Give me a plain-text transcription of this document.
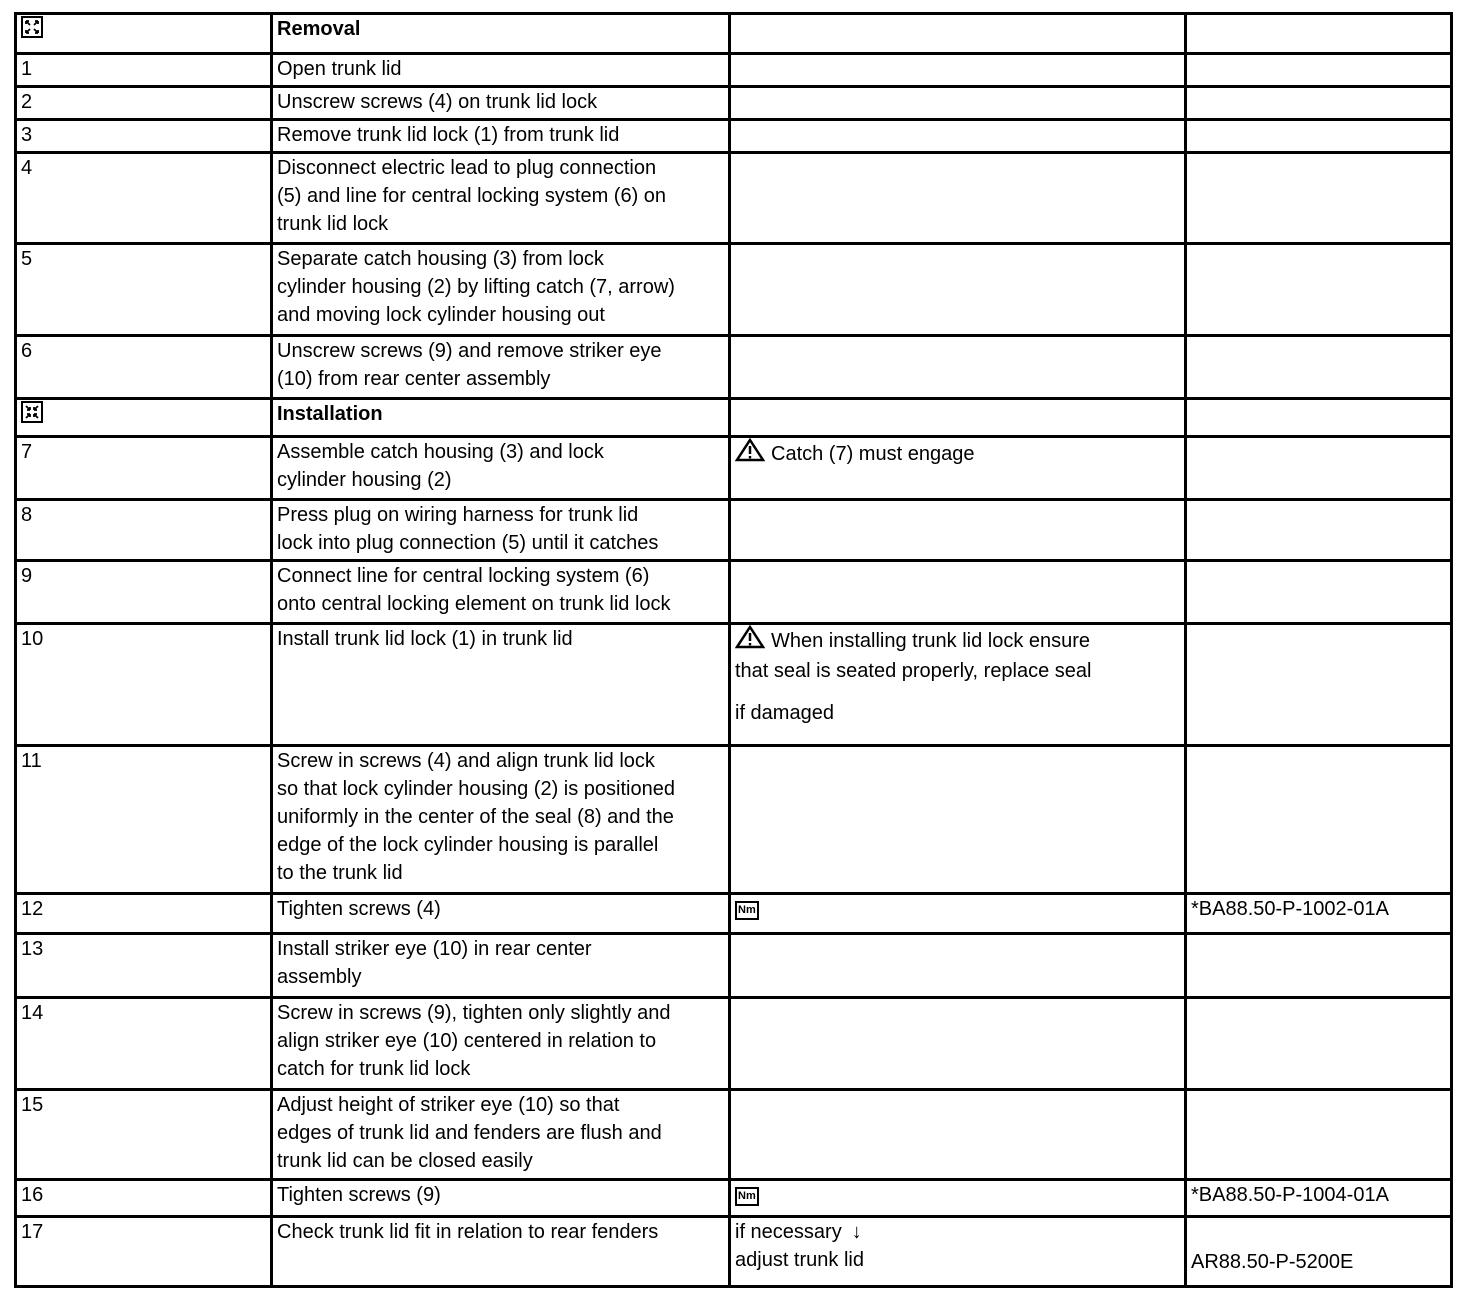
	Removal		
1	Open trunk lid		
2	Unscrew screws (4) on trunk lid lock		
3	Remove trunk lid lock (1) from trunk lid		
4	Disconnect electric lead to plug connection
(5) and line for central locking system (6) on
trunk lid lock		

5	Separate catch housing (3) from lock
cylinder housing (2) by lifting catch (7, arrow)
and moving lock cylinder housing out		

6	Unscrew screws (9) and remove striker eye
(10) from rear center assembly		

	Installation		
7	Assemble catch housing (3) and lock
cylinder housing (2)	Catch (7) must engage	
8	Press plug on wiring harness for trunk lid
lock into plug connection (5) until it catches		

9	Connect line for central locking system (6)
onto central locking element on trunk lid lock		

10	Install trunk lid lock (1) in trunk lid	When installing trunk lid lock ensure
that seal is seated properly, replace seal
if damaged	

11	Screw in screws (4) and align trunk lid lock
so that lock cylinder housing (2) is positioned
uniformly in the center of the seal (8) and the
edge of the lock cylinder housing is parallel
to the trunk lid		

12	Tighten screws (4)	Nm	*BA88.50-P-1002-01A
13	Install striker eye (10) in rear center
assembly		

14	Screw in screws (9), tighten only slightly and
align striker eye (10) centered in relation to
catch for trunk lid lock		

15	Adjust height of striker eye (10) so that
edges of trunk lid and fenders are flush and
trunk lid can be closed easily		

16	Tighten screws (9)	Nm	*BA88.50-P-1004-01A
17	Check trunk lid fit in relation to rear fenders	if necessary ↓
adjust trunk lid	AR88.50-P-5200E
